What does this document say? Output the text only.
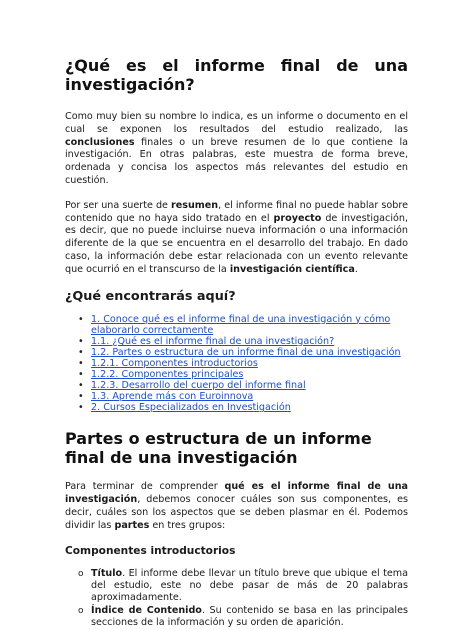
¿Qué es el informe final de una investigación?

Como muy bien su nombre lo indica, es un informe o documento en el cual se exponen los resultados del estudio realizado, las conclusiones finales o un breve resumen de lo que contiene la investigación. En otras palabras, este muestra de forma breve, ordenada y concisa los aspectos más relevantes del estudio en cuestión.

Por ser una suerte de resumen, el informe final no puede hablar sobre contenido que no haya sido tratado en el proyecto de investigación, es decir, que no puede incluirse nueva información o una información diferente de la que se encuentra en el desarrollo del trabajo. En dado caso, la información debe estar relacionada con un evento relevante que ocurrió en el transcurso de la investigación científica.

¿Qué encontrarás aquí?
• 1. Conoce qué es el informe final de una investigación y cómo elaborarlo correctamente
• 1.1. ¿Qué es el informe final de una investigación?
• 1.2. Partes o estructura de un informe final de una investigación
• 1.2.1. Componentes introductorios
• 1.2.2. Componentes principales
• 1.2.3. Desarrollo del cuerpo del informe final
• 1.3. Aprende más con Euroinnova
• 2. Cursos Especializados en Investigación
Partes o estructura de un informe final de una investigación

Para terminar de comprender qué es el informe final de una investigación, debemos conocer cuáles son sus componentes, es decir, cuáles son los aspectos que se deben plasmar en él. Podemos dividir las partes en tres grupos:

Componentes introductorios
o Título. El informe debe llevar un título breve que ubique el tema del estudio, este no debe pasar de más de 20 palabras aproximadamente.
o Índice de Contenido. Su contenido se basa en las principales secciones de la información y su orden de aparición.
